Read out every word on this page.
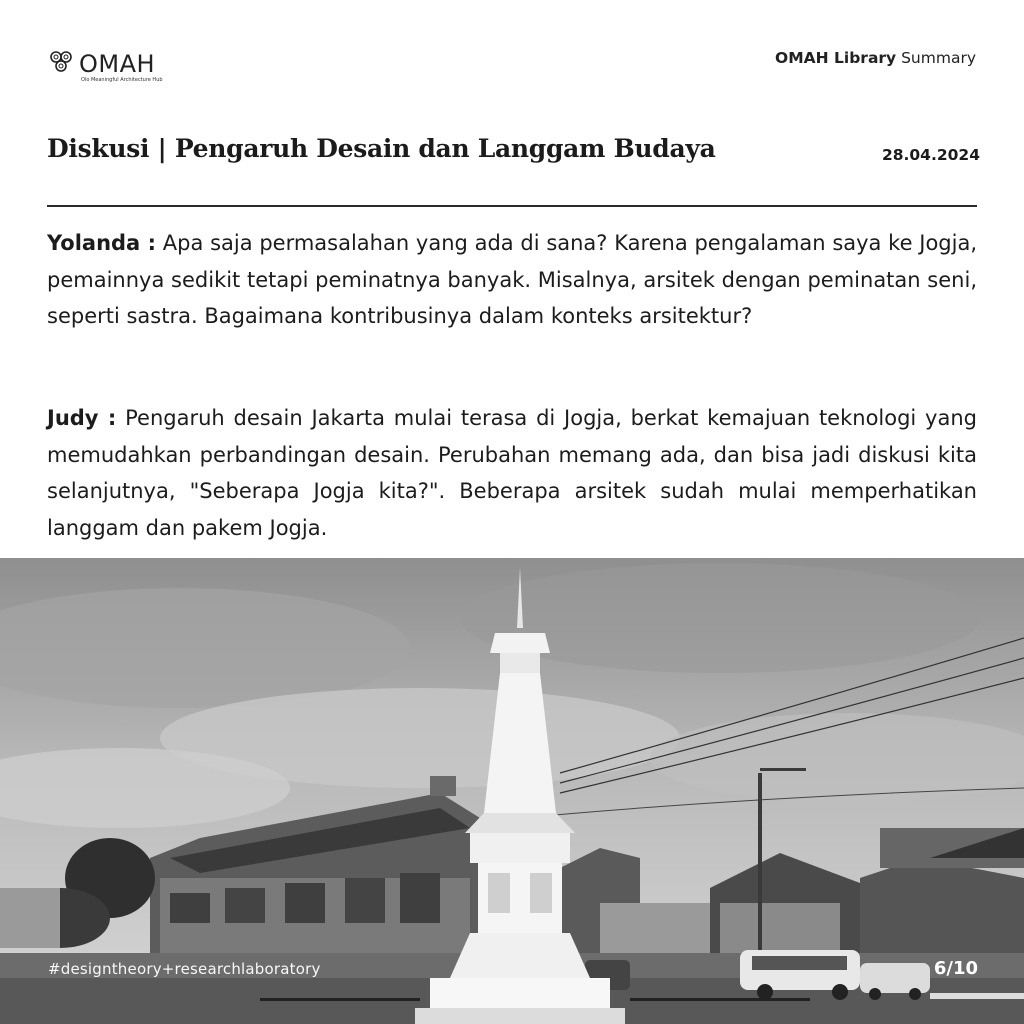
OMAH
Olo Meaningful Architecture Hub
OMAH Library Summary
Diskusi | Pengaruh Desain dan Langgam Budaya	28.04.2024

Yolanda : Apa saja permasalahan yang ada di sana? Karena pengalaman saya ke Jogja, pemainnya sedikit tetapi peminatnya banyak. Misalnya, arsitek dengan peminatan seni, seperti sastra. Bagaimana kontribusinya dalam konteks arsitektur?

Judy : Pengaruh desain Jakarta mulai terasa di Jogja, berkat kemajuan teknologi yang memudahkan perbandingan desain. Perubahan memang ada, dan bisa jadi diskusi kita selanjutnya, "Seberapa Jogja kita?". Beberapa arsitek sudah mulai memperhatikan langgam dan pakem Jogja.

#designtheory+researchlaboratory	6/10
